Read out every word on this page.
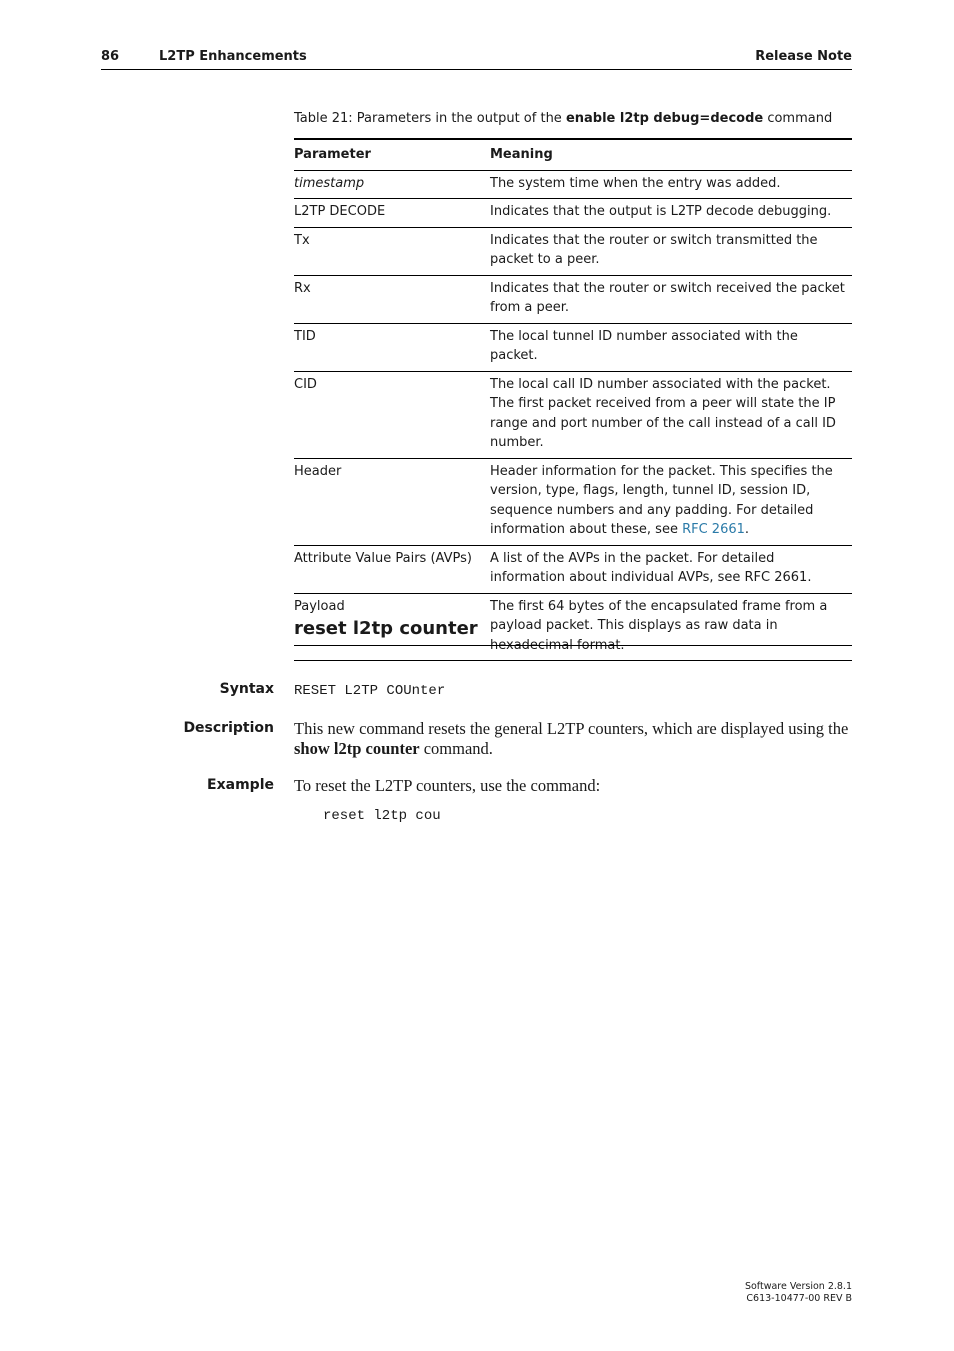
86	L2TP Enhancements	Release Note
Table 21: Parameters in the output of the enable l2tp debug=decode command
Parameter	Meaning
timestamp	The system time when the entry was added.
L2TP DECODE	Indicates that the output is L2TP decode debugging.
Tx	Indicates that the router or switch transmitted the packet to a peer.
Rx	Indicates that the router or switch received the packet from a peer.
TID	The local tunnel ID number associated with the packet.
CID	The local call ID number associated with the packet. The first packet received from a peer will state the IP range and port number of the call instead of a call ID number.
Header	Header information for the packet. This specifies the version, type, flags, length, tunnel ID, session ID, sequence numbers and any padding. For detailed information about these, see RFC 2661.
Attribute Value Pairs (AVPs)	A list of the AVPs in the packet. For detailed information about individual AVPs, see RFC 2661.
Payload	The first 64 bytes of the encapsulated frame from a payload packet. This displays as raw data in hexadecimal format.
reset l2tp counter
Syntax RESET L2TP COUnter
Description This new command resets the general L2TP counters, which are displayed using the show l2tp counter command.
Example To reset the L2TP counters, use the command:
reset l2tp cou
Software Version 2.8.1
C613-10477-00 REV B
